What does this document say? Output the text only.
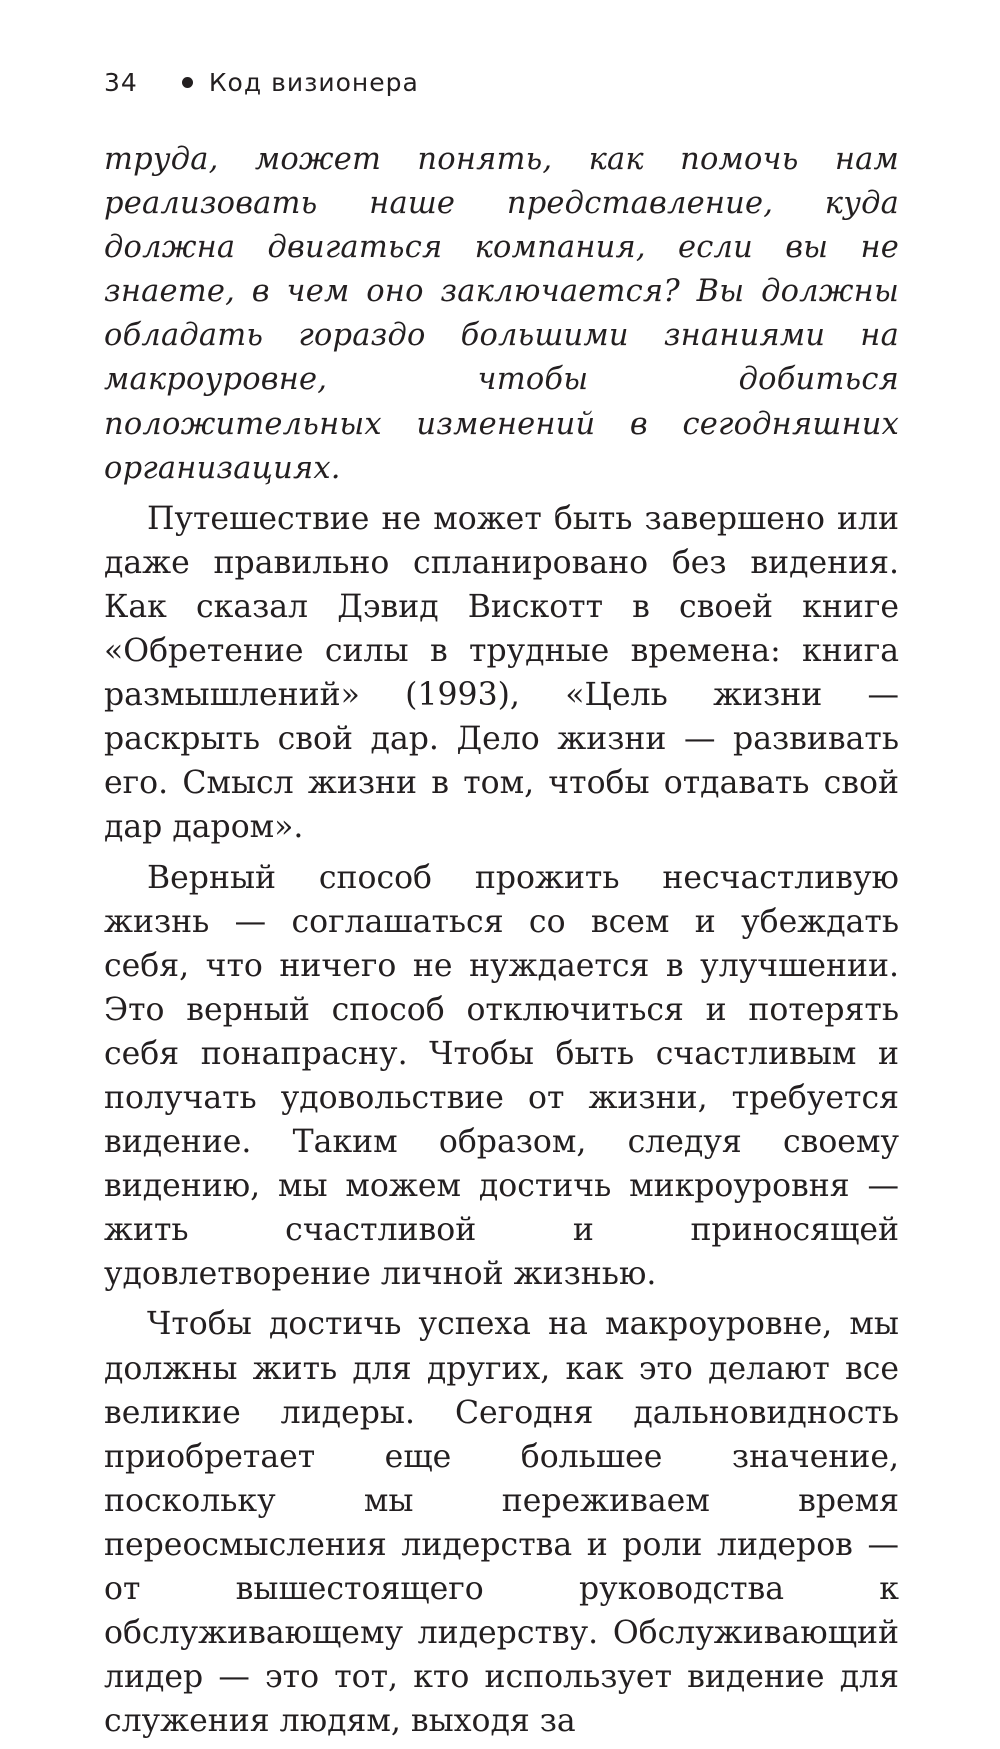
34	Код визионера

труда, может понять, как помочь нам реализовать наше представление, куда должна двигаться компания, если вы не знаете, в чем оно заключается? Вы должны обладать гораздо большими знаниями на макроуровне, чтобы добиться положительных изменений в сегодняшних организациях.

Путешествие не может быть завершено или даже правильно спланировано без видения. Как сказал Дэвид Вискотт в своей книге «Обретение силы в трудные времена: книга размышлений» (1993), «Цель жизни — раскрыть свой дар. Дело жизни — развивать его. Смысл жизни в том, чтобы отдавать свой дар даром».

Верный способ прожить несчастливую жизнь — соглашаться со всем и убеждать себя, что ничего не нуждается в улучшении. Это верный способ отключиться и потерять себя понапрасну. Чтобы быть счастливым и получать удовольствие от жизни, требуется видение. Таким образом, следуя своему видению, мы можем достичь микроуровня — жить счастливой и приносящей удовлетворение личной жизнью.

Чтобы достичь успеха на макроуровне, мы должны жить для других, как это делают все великие лидеры. Сегодня дальновидность приобретает еще большее значение, поскольку мы переживаем время переосмысления лидерства и роли лидеров — от вышестоящего руководства к обслуживающему лидерству. Обслуживающий лидер — это тот, кто использует видение для служения людям, выходя за
